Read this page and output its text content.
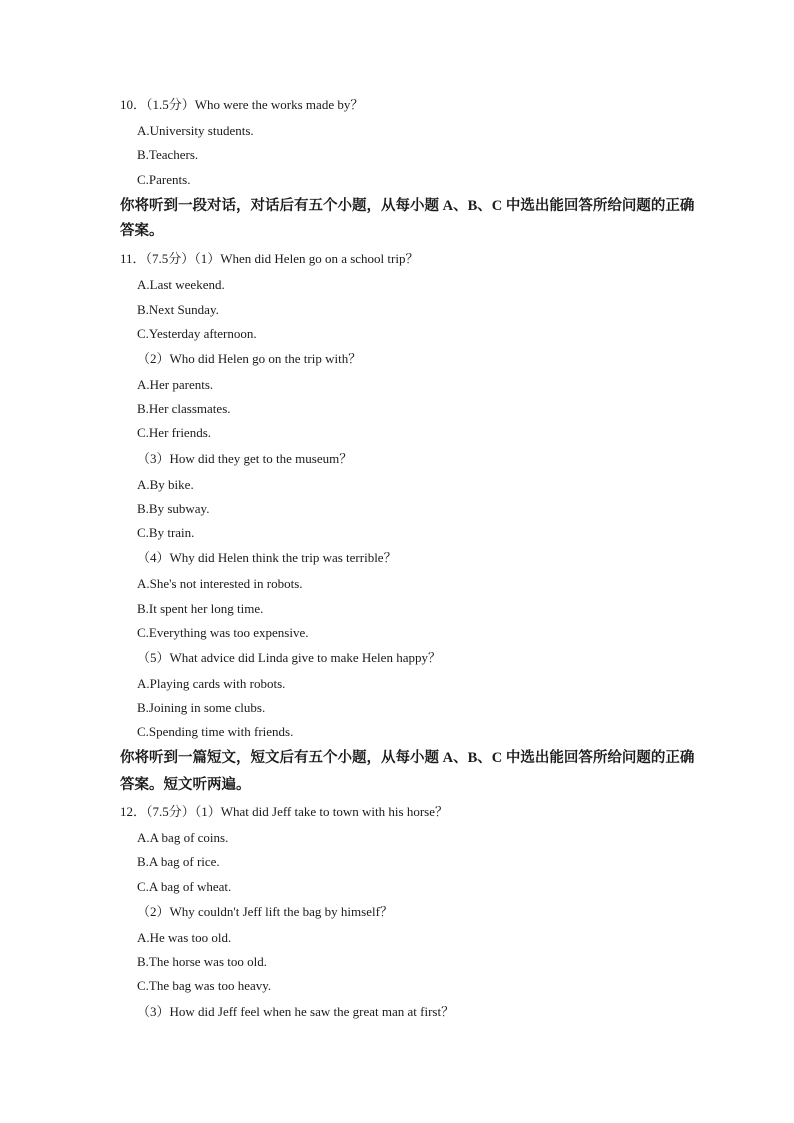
10．（1.5分）Who were the works made by？
A.University students.
B.Teachers.
C.Parents.
你将听到一段对话，对话后有五个小题，从每小题 A、B、C 中选出能回答所给问题的正确
答案。
11．（7.5分）（1）When did Helen go on a school trip？
A.Last weekend.
B.Next Sunday.
C.Yesterday afternoon.
（2）Who did Helen go on the trip with？
A.Her parents.
B.Her classmates.
C.Her friends.
（3）How did they get to the museum？
A.By bike.
B.By subway.
C.By train.
（4）Why did Helen think the trip was terrible？
A.She's not interested in robots.
B.It spent her long time.
C.Everything was too expensive.
（5）What advice did Linda give to make Helen happy？
A.Playing cards with robots.
B.Joining in some clubs.
C.Spending time with friends.
你将听到一篇短文，短文后有五个小题，从每小题 A、B、C 中选出能回答所给问题的正确
答案。短文听两遍。
12．（7.5分）（1）What did Jeff take to town with his horse？
A.A bag of coins.
B.A bag of rice.
C.A bag of wheat.
（2）Why couldn't Jeff lift the bag by himself？
A.He was too old.
B.The horse was too old.
C.The bag was too heavy.
（3）How did Jeff feel when he saw the great man at first？
